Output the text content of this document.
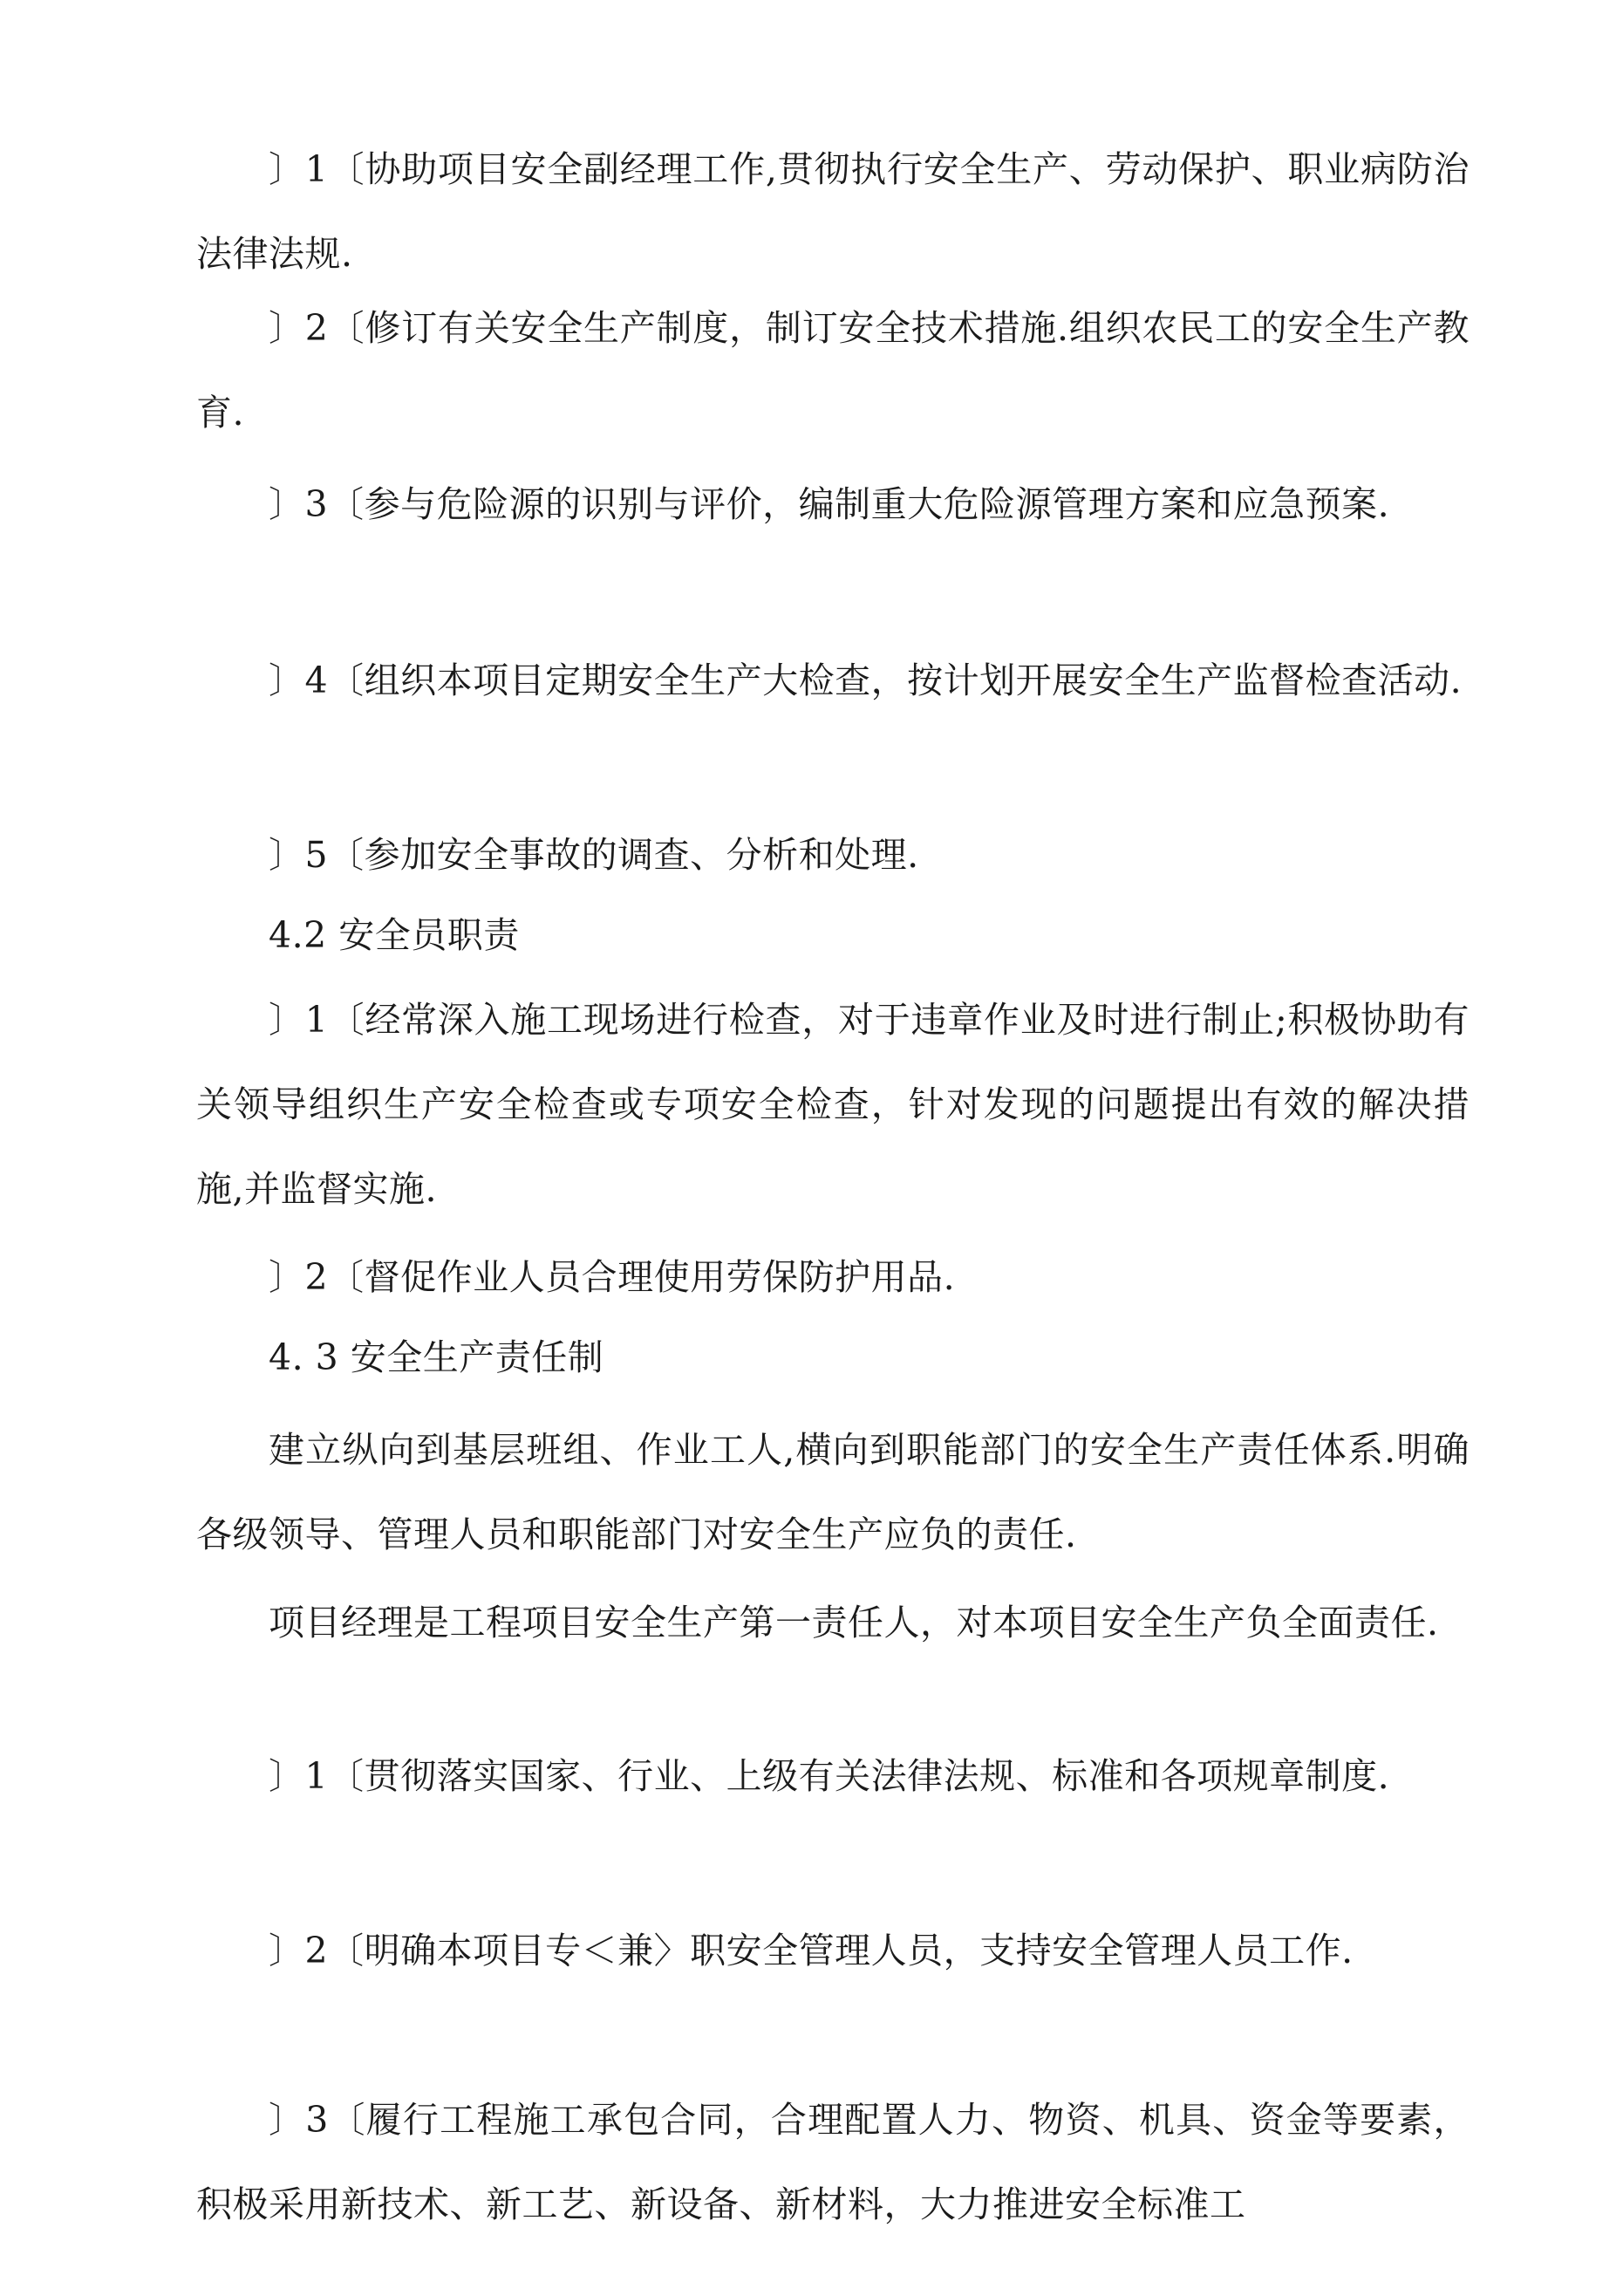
〕1〔协助项目安全副经理工作,贯彻执行安全生产、劳动保护、职业病防治法律法规.

〕2〔修订有关安全生产制度，制订安全技术措施.组织农民工的安全生产教育.

〕3〔参与危险源的识别与评价，编制重大危险源管理方案和应急预案.

〕4〔组织本项目定期安全生产大检查，按计划开展安全生产监督检查活动.

〕5〔参加安全事故的调查、分析和处理.

4.2 安全员职责

〕1〔经常深入施工现场进行检查，对于违章作业及时进行制止;积极协助有关领导组织生产安全检查或专项安全检查，针对发现的问题提出有效的解决措施,并监督实施.

〕2〔督促作业人员合理使用劳保防护用品.

4. 3 安全生产责任制

建立纵向到基层班组、作业工人,横向到职能部门的安全生产责任体系.明确各级领导、管理人员和职能部门对安全生产应负的责任.

项目经理是工程项目安全生产第一责任人，对本项目安全生产负全面责任.

〕1〔贯彻落实国家、行业、上级有关法律法规、标准和各项规章制度.

〕2〔明确本项目专＜兼〉职安全管理人员，支持安全管理人员工作.

〕3〔履行工程施工承包合同，合理配置人力、物资、机具、资金等要素，积极采用新技术、新工艺、新设备、新材料，大力推进安全标准工
